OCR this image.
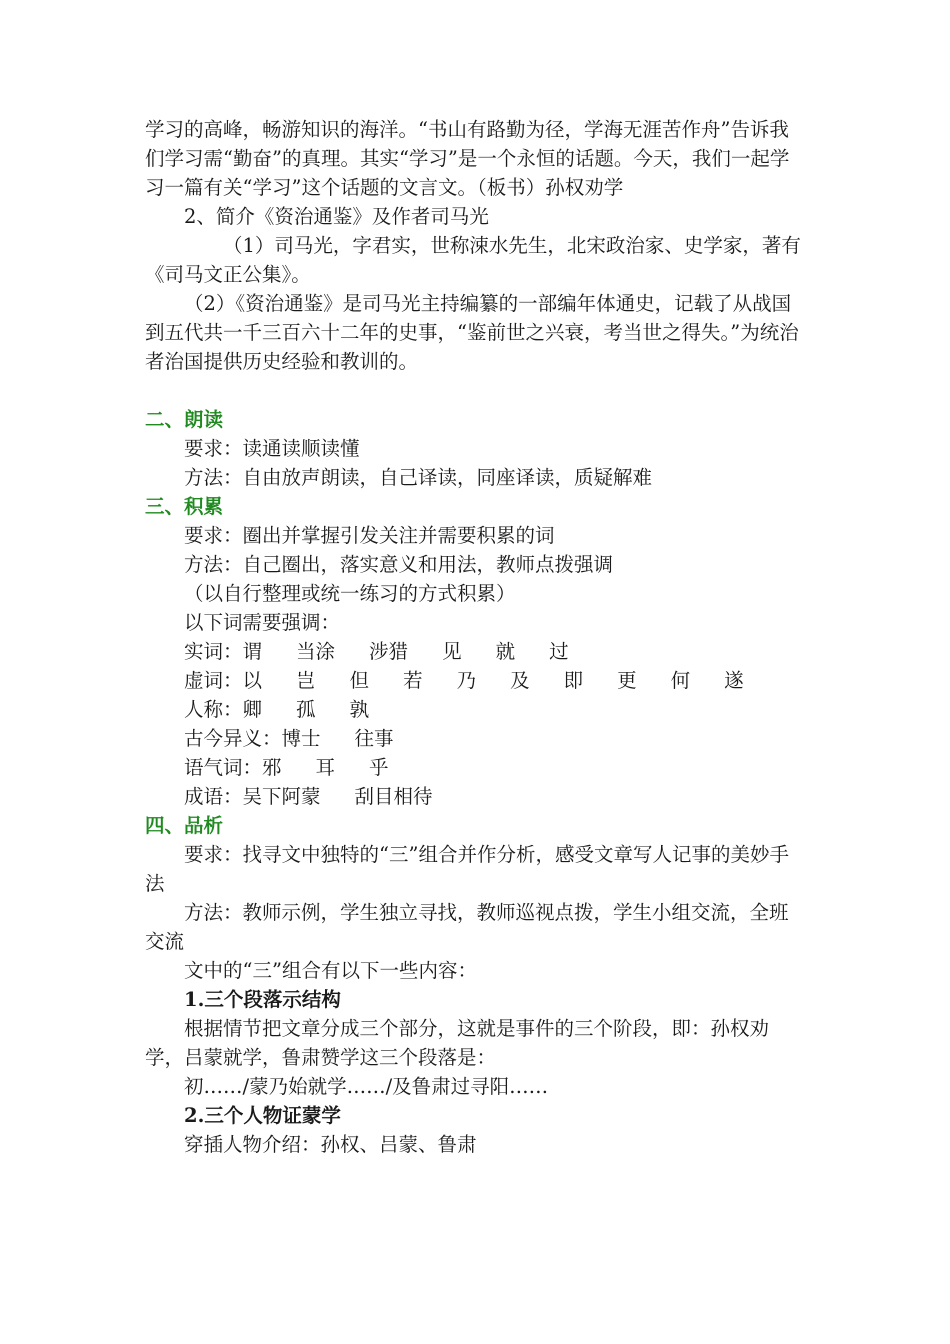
学习的高峰，畅游知识的海洋。“书山有路勤为径，学海无涯苦作舟”告诉我们学习需“勤奋”的真理。其实“学习”是一个永恒的话题。今天，我们一起学习一篇有关“学习”这个话题的文言文。（板书）孙权劝学

2、简介《资治通鉴》及作者司马光

（1）司马光，字君实，世称涑水先生，北宋政治家、史学家，著有《司马文正公集》。

（2）《资治通鉴》是司马光主持编纂的一部编年体通史，记载了从战国到五代共一千三百六十二年的史事，“鉴前世之兴衰，考当世之得失。”为统治者治国提供历史经验和教训的。

二、朗读

要求：读通读顺读懂

方法：自由放声朗读，自己译读，同座译读，质疑解难

三、积累

要求：圈出并掌握引发关注并需要积累的词

方法：自己圈出，落实意义和用法，教师点拨强调

（以自行整理或统一练习的方式积累）

以下词需要强调：

实词：谓 当涂 涉猎 见 就 过

虚词：以 岂 但 若 乃 及 即 更 何 遂

人称：卿 孤 孰

古今异义：博士 往事

语气词：邪 耳 乎

成语：吴下阿蒙 刮目相待

四、品析

要求：找寻文中独特的“三”组合并作分析，感受文章写人记事的美妙手法

方法：教师示例，学生独立寻找，教师巡视点拨，学生小组交流，全班交流

文中的“三”组合有以下一些内容：

1.三个段落示结构

根据情节把文章分成三个部分，这就是事件的三个阶段，即：孙权劝学，吕蒙就学，鲁肃赞学这三个段落是：

初……/蒙乃始就学……/及鲁肃过寻阳……

2.三个人物证蒙学

穿插人物介绍：孙权、吕蒙、鲁肃
